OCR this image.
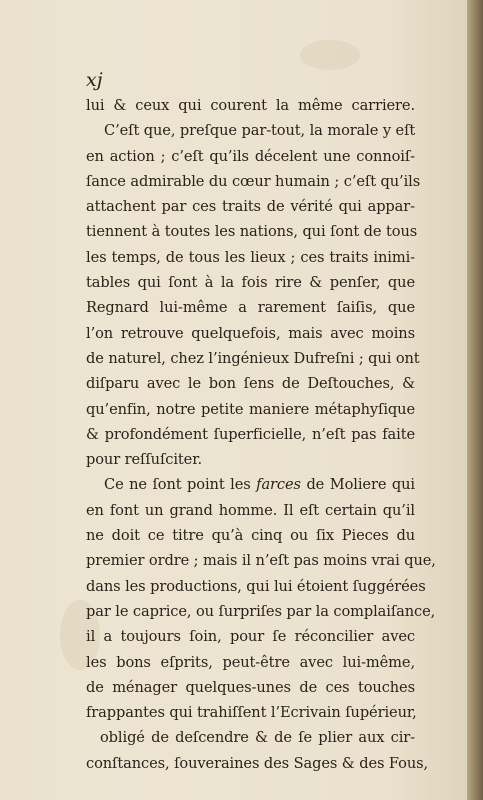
xj

lui & ceux qui courent la même carriere.
C’eſt que, preſque par-tout, la morale y eſt
en action ; c’eſt qu’ils décelent une connoiſ-
ſance admirable du cœur humain ; c’eſt qu’ils
attachent par ces traits de vérité qui appar-
tiennent à toutes les nations, qui ſont de tous
les temps, de tous les lieux ; ces traits inimi-
tables qui ſont à la fois rire & penſer, que
Regnard lui-même a rarement ſaiſis, que
l’on retrouve quelquefois, mais avec moins
de naturel, chez l’ingénieux Dufreſni ; qui ont
diſparu avec le bon ſens de Deſtouches, &
qu’enfin, notre petite maniere métaphyſique
& profondément ſuperficielle, n’eſt pas faite
pour reſſuſciter.
Ce ne ſont point les farces de Moliere qui
en font un grand homme. Il eſt certain qu’il
ne doit ce titre qu’à cinq ou ſix Pieces du
premier ordre ; mais il n’eſt pas moins vrai que,
dans les productions, qui lui étoient ſuggérées
par le caprice, ou ſurpriſes par la complaiſance,
il a toujours ſoin, pour ſe réconcilier avec
les bons eſprits, peut-être avec lui-même,
de ménager quelques-unes de ces touches
frappantes qui trahiſſent l’Ecrivain ſupérieur,
obligé de deſcendre & de ſe plier aux cir-
conſtances, ſouveraines des Sages & des Fous,
